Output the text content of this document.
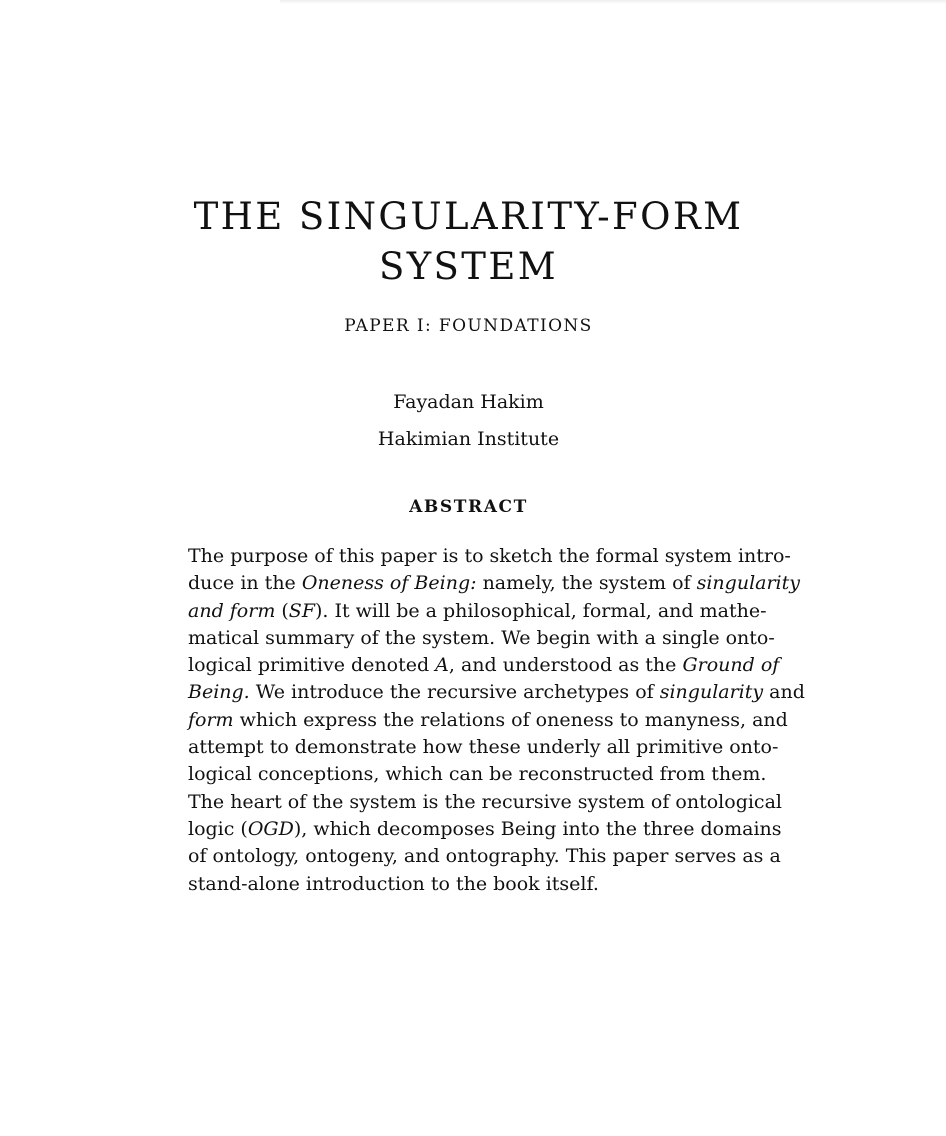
THE SINGULARITY-FORM
SYSTEM

PAPER I: FOUNDATIONS

Fayadan Hakim

Hakimian Institute

ABSTRACT

The purpose of this paper is to sketch the formal system intro-
duce in the Oneness of Being: namely, the system of singularity
and form (SF). It will be a philosophical, formal, and mathe-
matical summary of the system. We begin with a single onto-
logical primitive denoted A, and understood as the Ground of
Being. We introduce the recursive archetypes of singularity and
form which express the relations of oneness to manyness, and
attempt to demonstrate how these underly all primitive onto-
logical conceptions, which can be reconstructed from them.
The heart of the system is the recursive system of ontological
logic (OGD), which decomposes Being into the three domains
of ontology, ontogeny, and ontography. This paper serves as a
stand-alone introduction to the book itself.
